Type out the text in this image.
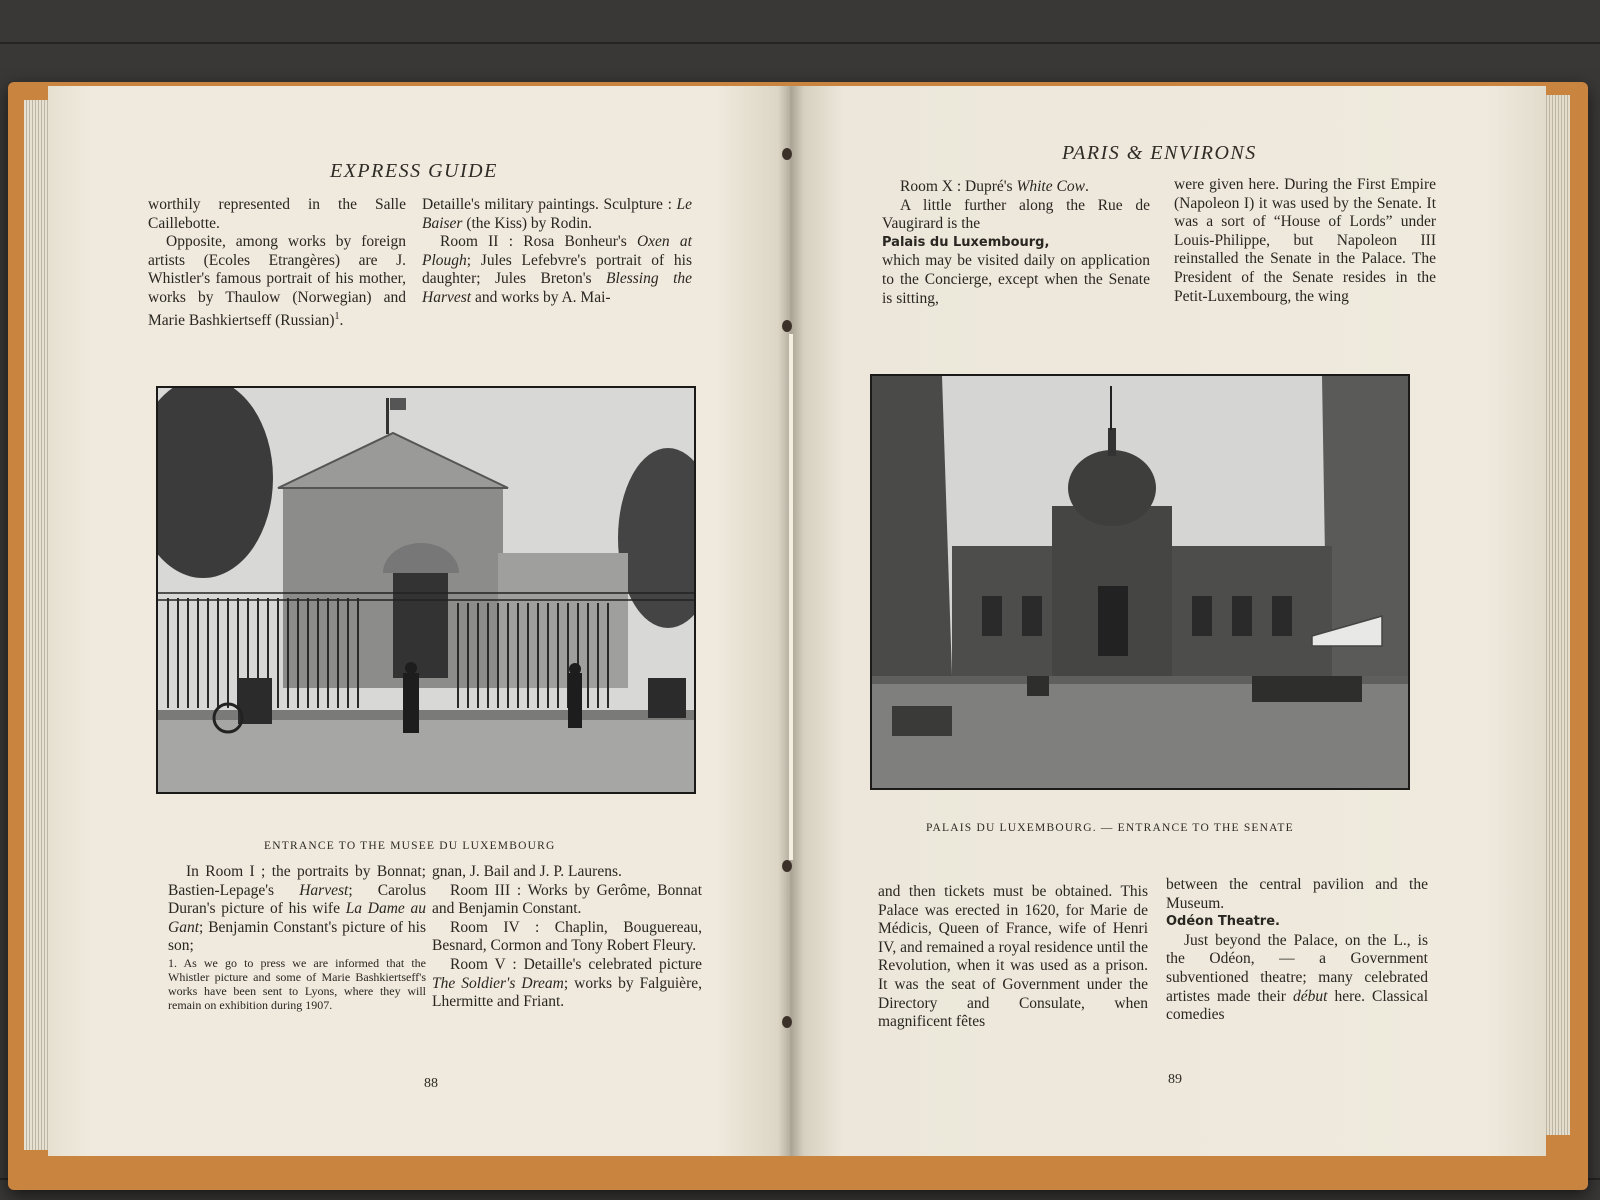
EXPRESS GUIDE

worthily represented in the Salle Caillebotte.

Opposite, among works by foreign artists (Ecoles Etrangères) are J. Whistler's famous portrait of his mother, works by Thaulow (Norwegian) and Marie Bashkiertseff (Russian)$^1$.

Detaille's military paintings. Sculpture : Le Baiser (the Kiss) by Rodin.

Room II : Rosa Bonheur's Oxen at Plough; Jules Lefebvre's portrait of his daughter; Jules Breton's Blessing the Harvest and works by A. Mai-

ENTRANCE TO THE MUSEE DU LUXEMBOURG

In Room I ; the portraits by Bonnat; Bastien-Lepage's Harvest; Carolus Duran's picture of his wife La Dame au Gant; Benjamin Constant's picture of his son;

1. As we go to press we are informed that the Whistler picture and some of Marie Bashkiertseff's works have been sent to Lyons, where they will remain on exhibition during 1907.

gnan, J. Bail and J. P. Laurens.

Room III : Works by Gerôme, Bonnat and Benjamin Constant.

Room IV : Chaplin, Bouguereau, Besnard, Cormon and Tony Robert Fleury.

Room V : Detaille's celebrated picture The Soldier's Dream; works by Falguière, Lhermitte and Friant.

88
PARIS & ENVIRONS

Room X : Dupré's White Cow.

A little further along the Rue de Vaugirard is the

Palais du Luxembourg,

which may be visited daily on application to the Concierge, except when the Senate is sitting,

were given here. During the First Empire (Napoleon I) it was used by the Senate. It was a sort of “House of Lords” under Louis-Philippe, but Napoleon III reinstalled the Senate in the Palace. The President of the Senate resides in the Petit-Luxembourg, the wing

PALAIS DU LUXEMBOURG. — ENTRANCE TO THE SENATE

and then tickets must be obtained. This Palace was erected in 1620, for Marie de Médicis, Queen of France, wife of Henri IV, and remained a royal residence until the Revolution, when it was used as a prison. It was the seat of Government under the Directory and Consulate, when magnificent fêtes

between the central pavilion and the Museum.

Odéon Theatre.

Just beyond the Palace, on the L., is the Odéon, — a Government subventioned theatre; many celebrated artistes made their début here. Classical comedies

89
